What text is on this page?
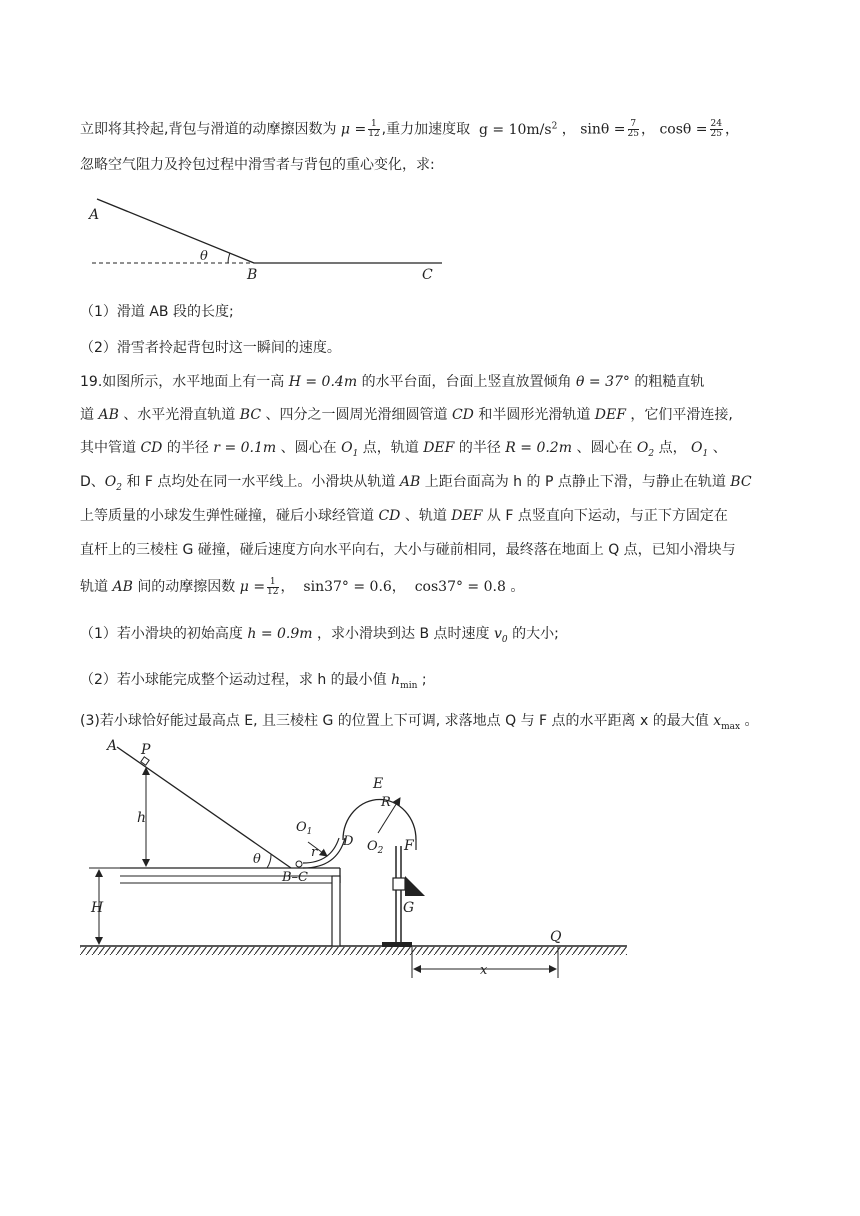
立即将其拎起,背包与滑道的动摩擦因数为 $\mu = \frac{1}{12}$ ,重力加速度取 $g = 10m/s^2$ ， $\sin\theta = \frac{7}{25}$ ， $\cos\theta = \frac{24}{25}$ ，
忽略空气阻力及拎包过程中滑雪者与背包的重心变化，求:
A
θ
B	C
（1）滑道 AB 段的长度;
（2）滑雪者拎起背包时这一瞬间的速度。
19.如图所示，水平地面上有一高 H = 0.4m 的水平台面，台面上竖直放置倾角 θ = 37° 的粗糙直轨
道 AB 、水平光滑直轨道 BC 、四分之一圆周光滑细圆管道 CD 和半圆形光滑轨道 DEF ，它们平滑连接,
其中管道 CD 的半径 r = 0.1m 、圆心在 $O_1$ 点，轨道 DEF 的半径 R = 0.2m 、圆心在 $O_2$ 点， $O_1$ 、
D、$O_2$ 和 F 点均处在同一水平线上。小滑块从轨道 AB 上距台面高为 h 的 P 点静止下滑，与静止在轨道 BC
上等质量的小球发生弹性碰撞，碰后小球经管道 CD 、轨道 DEF 从 F 点竖直向下运动，与正下方固定在
直杆上的三棱柱 G 碰撞，碰后速度方向水平向右，大小与碰前相同，最终落在地面上 Q 点，已知小滑块与
轨道 AB 间的动摩擦因数 $\mu = \frac{1}{12}$ ， sin37° = 0.6， cos37° = 0.8 。
（1）若小滑块的初始高度 h = 0.9m ，求小滑块到达 B 点时速度 $v_0$ 的大小;
（2）若小球能完成整个运动过程，求 h 的最小值 $h_{min}$ ;
(3)若小球恰好能过最高点 E, 且三棱柱 G 的位置上下可调, 求落地点 Q 与 F 点的水平距离 x 的最大值 $x_{max}$ 。
A P
h
H
θ
B–C
$O_1$
r
D
E
R
$O_2$ F
G
Q
x
